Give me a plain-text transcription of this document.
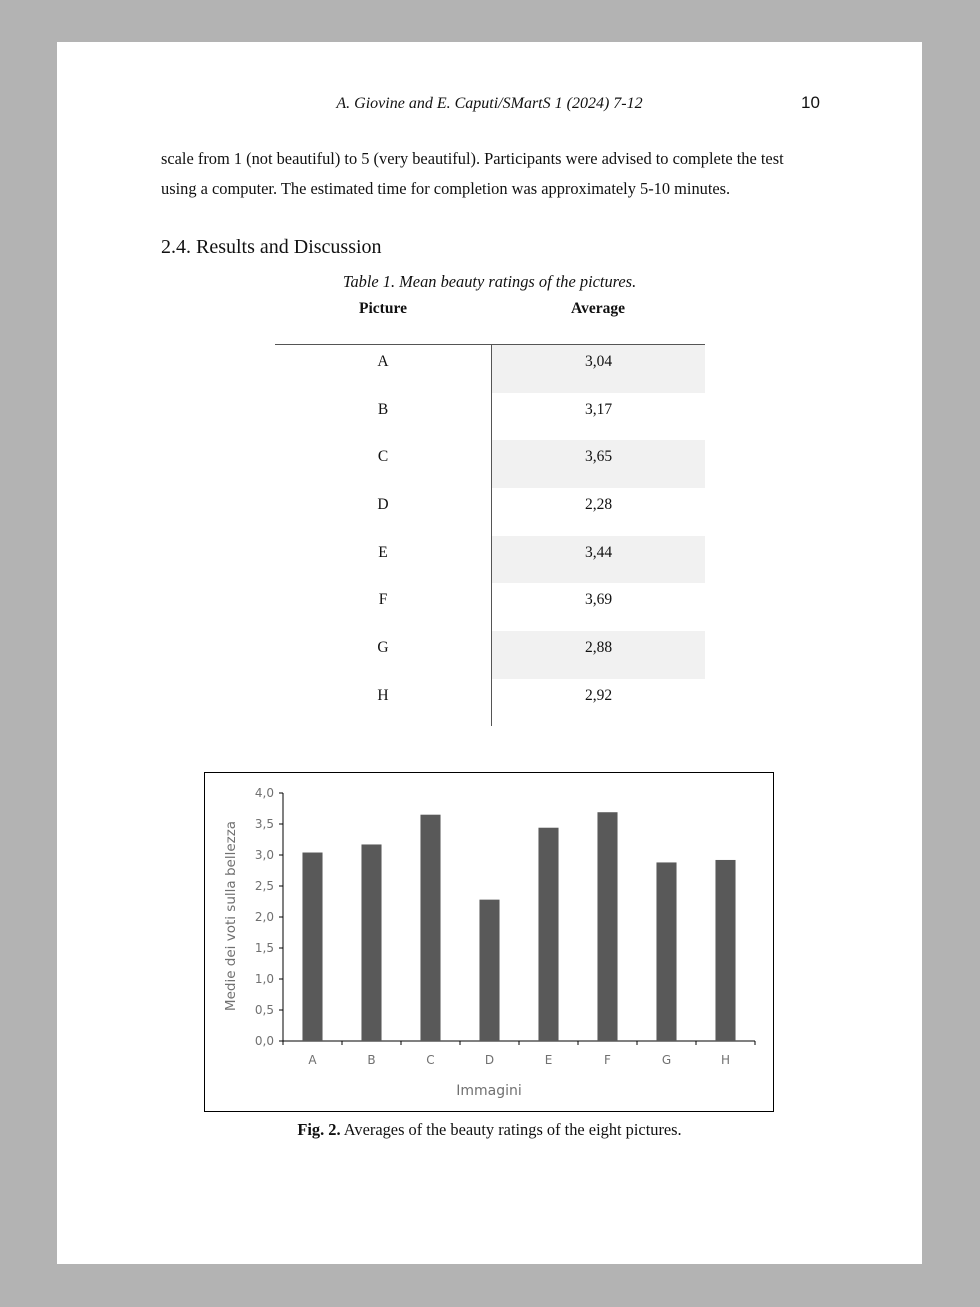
A. Giovine and E. Caputi/SMartS 1 (2024) 7-12	10

scale from 1 (not beautiful) to 5 (very beautiful). Participants were advised to complete the test using a computer. The estimated time for completion was approximately 5-10 minutes.

2.4. Results and Discussion
Table 1. Mean beauty ratings of the pictures.
Picture	Average
A	3,04
B	3,17
C	3,65
D	2,28
E	3,44
F	3,69
G	2,88
H	2,92
0,0
0,5
1,0
1,5
2,0
2,5
3,0
3,5
4,0
A	B	C	D	E	F	G	H
Immagini
Medie dei voti sulla bellezza
Fig. 2. Averages of the beauty ratings of the eight pictures.
